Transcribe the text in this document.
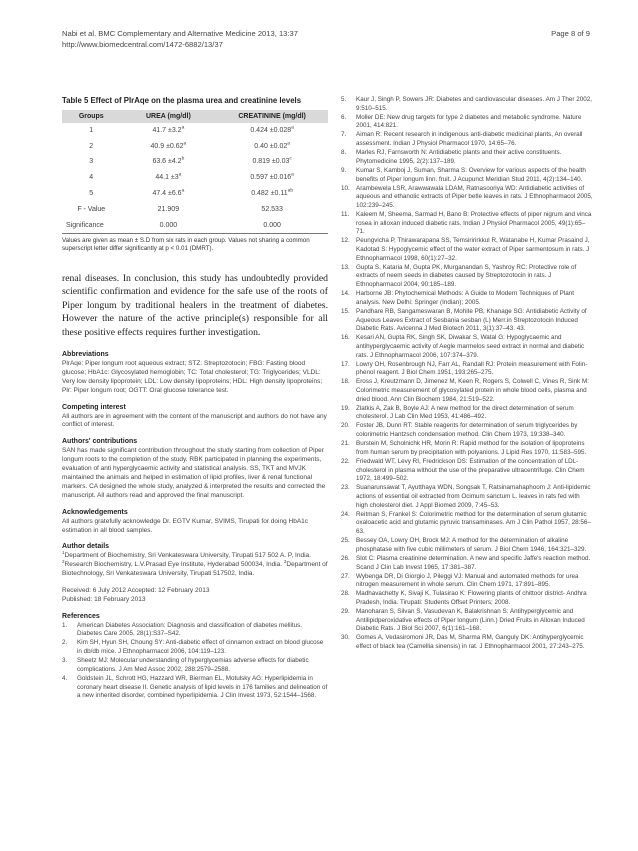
Nabi et al. BMC Complementary and Alternative Medicine 2013, 13:37
http://www.biomedcentral.com/1472-6882/13/37
Page 8 of 9
Table 5 Effect of PlrAqe on the plasma urea and creatinine levels
Groups	UREA (mg/dl)	CREATININE (mg/dl)
1	41.7 ±3.2$^a$	0.424 ±0.028$^a$
2	40.9 ±0.62$^a$	0.40 ±0.02$^a$
3	63.6 ±4.2$^b$	0.819 ±0.03$^c$
4	$44.1 \pm 3^a$	0.597 ±0.016$^a$
5	47.4 ±6.6$^a$	0.482 ±0.11$^{ab}$
F - Value	21.909	52.533
Significance	0.000	0.000
Values are given as mean ± S.D from six rats in each group. Values not sharing a common superscript letter differ significantly at p < 0.01 (DMRT).
renal diseases. In conclusion, this study has undoubtedly provided scientific confirmation and evidence for the safe use of the roots of Piper longum by traditional healers in the treatment of diabetes. However the nature of the active principle(s) responsible for all these positive effects requires further investigation.
Abbreviations
PlrAqe: Piper longum root aqueous extract; STZ: Streptozotocin; FBG: Fasting blood glucose; HbA1c: Glycosylated hemoglobin; TC: Total cholesterol; TG: Triglycerides; VLDL: Very low density lipoprotein; LDL: Low density lipoproteins; HDL: High density lipoproteins; Plr: Piper longum root; OGTT: Oral glucose tolerance test.
Competing interest
All authors are in agreement with the content of the manuscript and authors do not have any conflict of interest.
Authors' contributions
SAN has made significant contribution throughout the study starting from collection of Piper longum roots to the completion of the study. RBK participated in planning the experiments, evaluation of anti hyperglycaemic activity and statistical analysis. SS, TKT and MVJK maintained the animals and helped in estimation of lipid profiles, liver & renal functional markers. CA designed the whole study, analyzed & interpreted the results and corrected the manuscript. All authors read and approved the final manuscript.
Acknowledgements
All authors gratefully acknowledge Dr. EGTV Kumar, SVIMS, Tirupati for doing HbA1c estimation in all blood samples.
Author details
$^1$Department of Biochemistry, Sri Venkateswara University, Tirupati 517 502 A. P, India. $^2$Research Biochemistry, L.V.Prasad Eye Institute, Hyderabad 500034, India. $^3$Department of Biotechnology, Sri Venkateswara University, Tirupati 517502, India.
Received: 6 July 2012 Accepted: 12 February 2013
Published: 18 February 2013
References
1.	American Diabetes Association: Diagnosis and classification of diabetes mellitus. Diabetes Care 2005, 28(1):S37–S42.
2.	Kim SH, Hyun SH, Choung SY: Anti-diabetic effect of cinnamon extract on blood glucose in db/db mice. J Ethnopharmacol 2006, 104:119–123.
3.	Sheetz MJ: Molecular understanding of hyperglycemias adverse effects for diabetic complications. J Am Med Assoc 2002, 288:2579–2588.
4.	Goldstein JL, Schrott HG, Hazzard WR, Bierman EL, Motulsky AG: Hyperlipidemia in coronary heart disease II. Genetic analysis of lipid levels in 176 families and delineation of a new inherited disorder, combined hyperlipidemia. J Clin Invest 1973, 52:1544–1568.
5.	Kaur J, Singh P, Sowers JR: Diabetes and cardiovascular diseases. Am J Ther 2002, 9:510–515.
6.	Moller DE: New drug targets for type 2 diabetes and metabolic syndrome. Nature 2001, 414:821.
7.	Aiman R: Recent research in indigenous anti-diabetic medicinal plants, An overall assessment. Indian J Physiol Pharmacol 1970, 14:65–76.
8.	Marles RJ, Farnsworth N: Antidiabetic plants and their active constituents. Phytomedicine 1995, 2(2):137–189.
9.	Kumar S, Kamboj J, Suman, Sharma S: Overview for various aspects of the health benefits of Piper longum linn. fruit. J Acupunct Meridian Stud 2011, 4(2):134–140.
10. Arambewela LSR, Arawwawala LDAM, Ratnasooriya WD: Antidiabetic activities of aqueous and ethanolic extracts of Piper betle leaves in rats. J Ethnopharmacol 2005, 102:239–245.
11.	Kaleem M, Sheema, Sarmad H, Bano B: Protective effects of piper nigrum and vinca rosea in alloxan induced diabetic rats. Indian J Physiol Pharmacol 2005, 49(1):65–71.
12. Peungvicha P, Thirawarapana SS, Temsiririrkkul R, Watanabe H, Kumar Prasaind J, Kadotad S: Hypoglycemic effect of the water extract of Piper sarmentosum in rats. J Ethnopharmacol 1998, 60(1):27–32.
13. Gupta S, Kataria M, Gupta PK, Murganandan S, Yashroy RC: Protective role of extracts of neem seeds in diabetes caused by Streptozotocin in rats. J Ethnopharmacol 2004, 90:185–189.
14. Harborne JB: Phytochemical Methods: A Guide to Modern Techniques of Plant analysis. New Delhi: Springer (Indian); 2005.
15. Pandhare RB, Sangameswaran B, Mohite PB, Khanage SG: Antidiabetic Activity of Aqueous Leaves Extract of Sesbania sesban (L) Merr.in Streptozotocin Induced Diabetic Rats. Avicenna J Med Biotech 2011, 3(1):37–43. 43.
16. Kesari AN, Gupta RK, Singh SK, Diwakar S, Watal G: Hypoglycaemic and antihyperglycaemic activity of Aegle marmelos seed extract in normal and diabetic rats. J Ethnopharmacol 2006, 107:374–379.
17. Lowry OH, Rosenbrough NJ, Farr AL, Randall RJ: Protein measurement with Folin-phenol reagent. J Biol Chem 1951, 193:265–275.
18. Eross J, Kreutzmann D, Jimenez M, Keen R, Rogers S, Colwell C, Vines R, Sink M: Colorimetric measurement of glycosylated protein in whole blood cells, plasma and dried blood. Ann Clin Biochem 1984, 21:519–522.
19. Zlatkis A, Zak B, Boyle AJ: A new method for the direct determination of serum cholesterol. J Lab Clin Med 1953, 41:486–492.
20. Foster JB, Dunn RT: Stable reagents for determination of serum triglycerides by colorimetric Hantzsch condensation method. Clin Chem 1973, 19:338–340.
21. Burstein M, Scholnichk HR, Morin R: Rapid method for the isolation of lipoproteins from human serum by precipitation with polyanions. J Lipid Res 1970, 11:583–595.
22. Friedwald WT, Levy RI, Fredrickson DS: Estimation of the concentration of LDL-cholesterol in plasma without the use of the preparative ultracentrifuge. Clin Chem 1972, 18:499–502.
23. Suanarunsawat T, Ayutthaya WDN, Songsak T, Ratsinamahaphoom J: Anti-lipidemic actions of essential oil extracted from Ocimum sanctum L. leaves in rats fed with high cholesterol diet. J Appl Biomed 2009, 7:45–53.
24. Reitman S, Frankel S: Colorimetric method for the determination of serum glutamic oxaloacetic acid and glutamic pyruvic transaminases. Am J Clin Pathol 1957, 28:56–63.
25. Bessey OA, Lowry OH, Brock MJ: A method for the determination of alkaline phosphatase with five cubic millimeters of serum. J Biol Chem 1946, 164:321–329.
26. Slot C: Plasma creatinine determination. A new and specific Jaffe's reaction method. Scand J Clin Lab Invest 1965, 17:381–387.
27. Wybenga DR, Di Giorgio J, Pileggi VJ: Manual and automated methods for urea nitrogen measurement in whole serum. Clin Chem 1971, 17:891–895.
28. Madhavachetty K, Sivaji K, Tulasirao K: Flowering plants of chittoor district- Andhra Pradesh, India. Tirupati: Students Offset Printers; 2008.
29. Manoharan S, Silvan S, Vasudevan K, Balakrishnan S: Antihyperglycemic and Antilipidperoxidative effects of Piper longum (Linn.) Dried Fruits in Alloxan Induced Diabetic Rats. J Biol Sci 2007, 6(1):161–168.
30. Gomes A, Vedasiromoni JR, Das M, Sharma RM, Ganguly DK: Antihyperglycemic effect of black tea (Camellia sinensis) in rat. J Ethnopharmacol 2001, 27:243–275.
